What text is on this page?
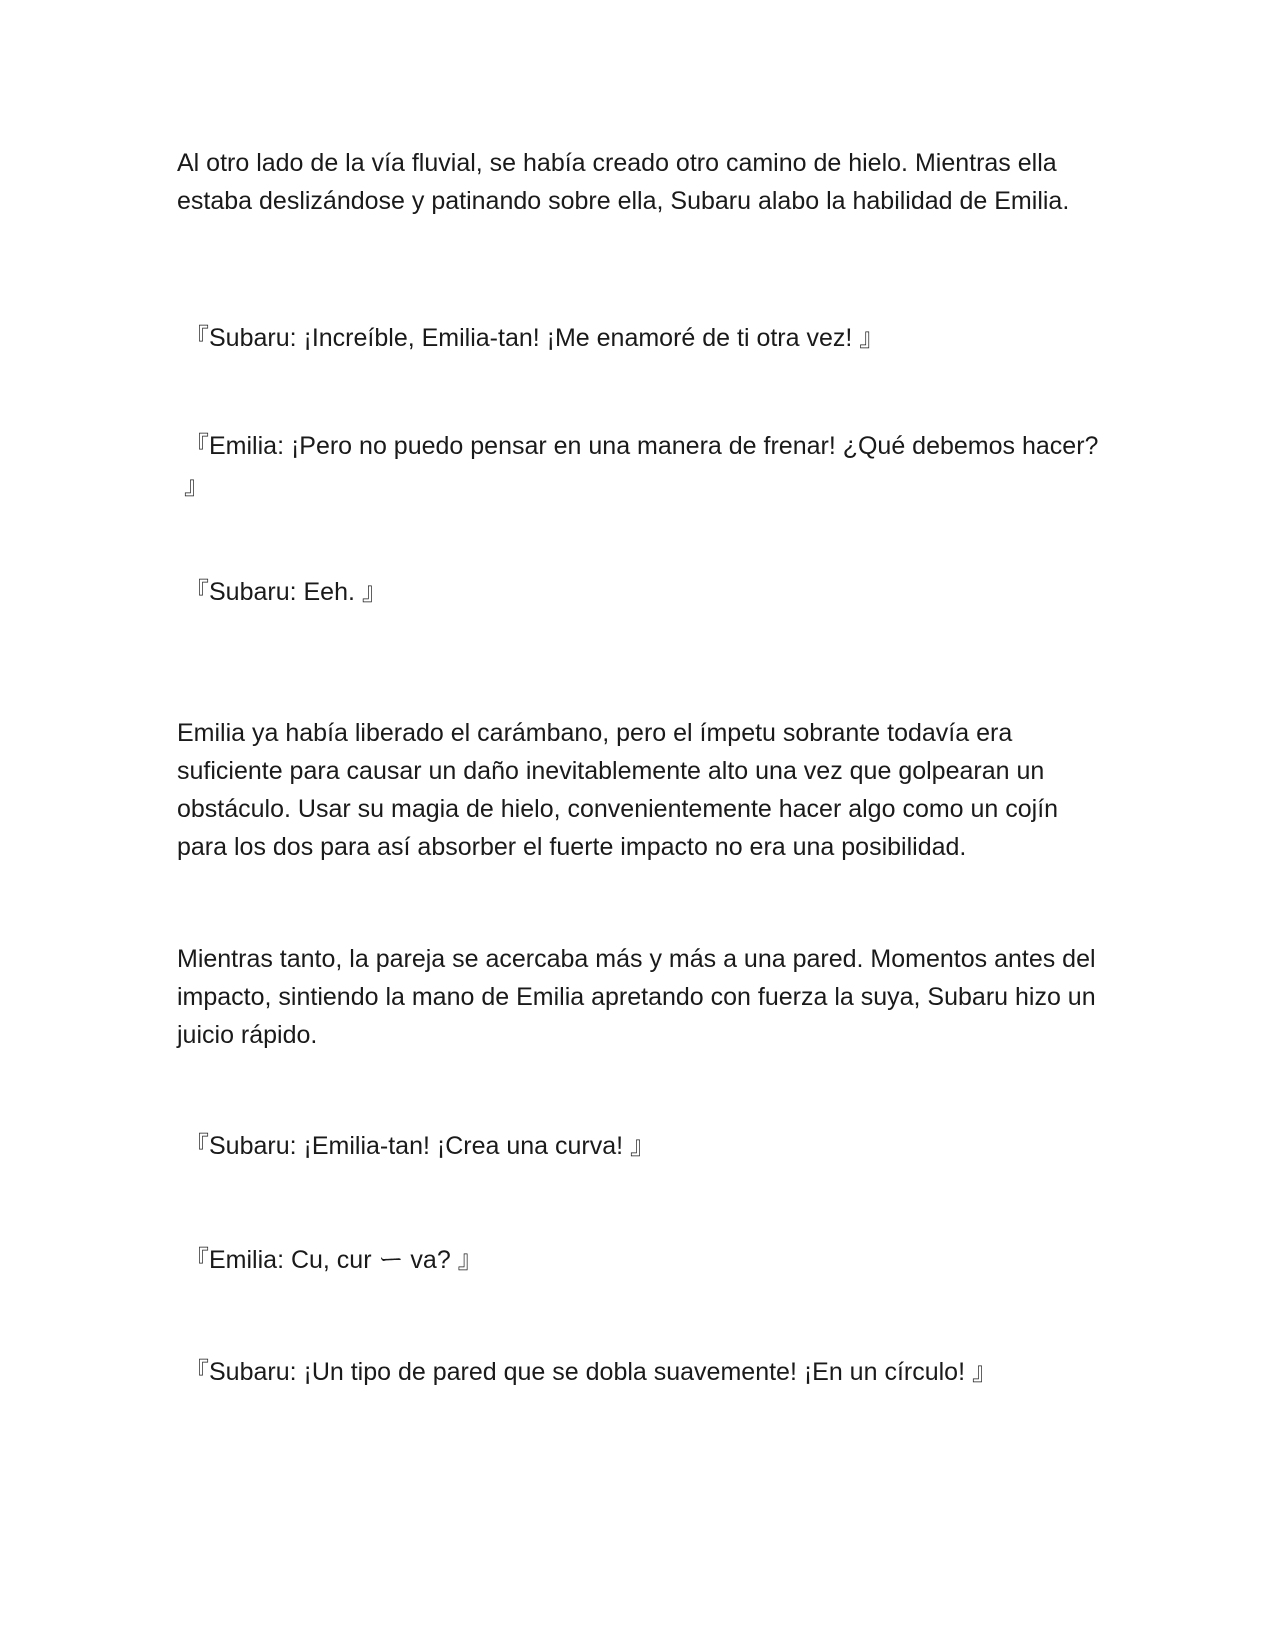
Al otro lado de la vía fluvial, se había creado otro camino de hielo. Mientras ella estaba deslizándose y patinando sobre ella, Subaru alabo la habilidad de Emilia.

『Subaru: ¡Increíble, Emilia-tan! ¡Me enamoré de ti otra vez! 』

『Emilia: ¡Pero no puedo pensar en una manera de frenar! ¿Qué debemos hacer? 』

『Subaru: Eeh. 』

Emilia ya había liberado el carámbano, pero el ímpetu sobrante todavía era suficiente para causar un daño inevitablemente alto una vez que golpearan un obstáculo. Usar su magia de hielo, convenientemente hacer algo como un cojín para los dos para así absorber el fuerte impacto no era una posibilidad.

Mientras tanto, la pareja se acercaba más y más a una pared. Momentos antes del impacto, sintiendo la mano de Emilia apretando con fuerza la suya, Subaru hizo un juicio rápido.

『Subaru: ¡Emilia-tan! ¡Crea una curva! 』

『Emilia: Cu, cur ー va? 』

『Subaru: ¡Un tipo de pared que se dobla suavemente! ¡En un círculo! 』
